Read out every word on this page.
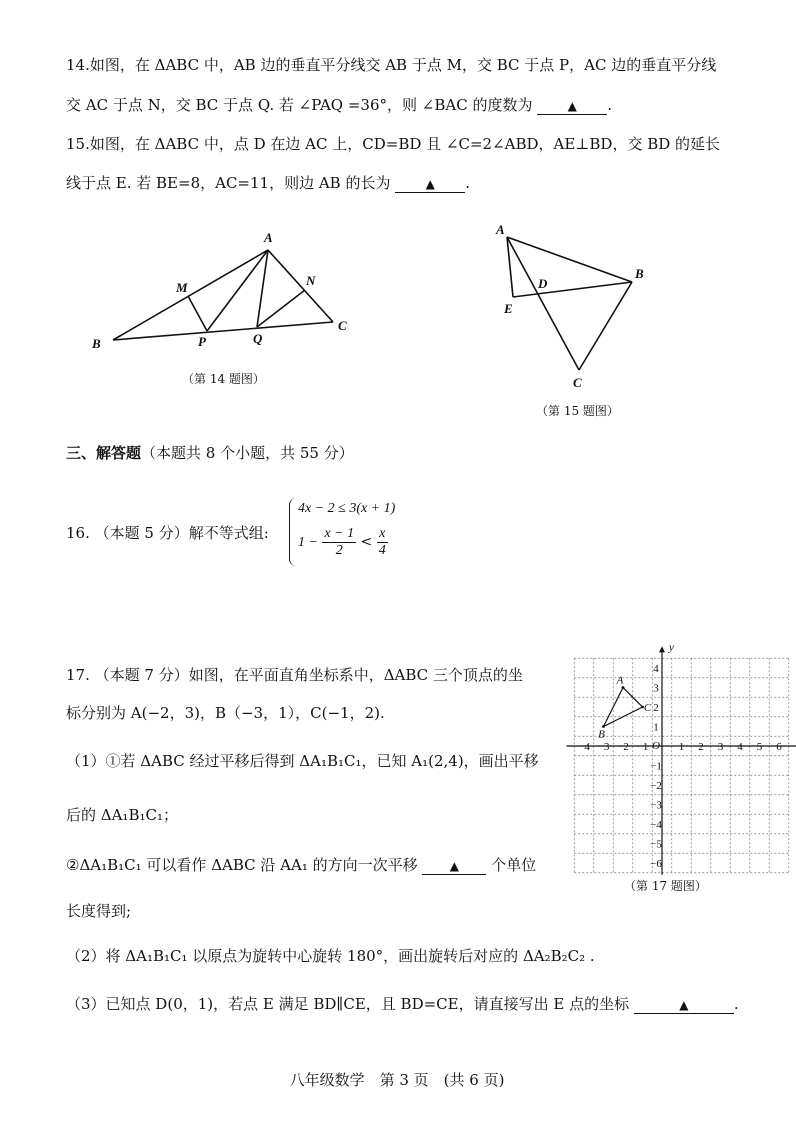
14.如图，在 ΔABC 中，AB 边的垂直平分线交 AB 于点 M，交 BC 于点 P，AC 边的垂直平分线
交 AC 于点 N，交 BC 于点 Q. 若 ∠PAQ =36°，则 ∠BAC 的度数为	▲ .
15.如图，在 ΔABC 中，点 D 在边 AC 上，CD=BD 且 ∠C=2∠ABD，AE⊥BD，交 BD 的延长
线于点 E. 若 BE=8，AC=11，则边 AB 的长为	▲ .
A
M	N
B	P	Q
C
（第 14 题图）
A
D
B
E
C
（第 15 题图）
三、解答题（本题共 8 个小题，共 55 分）
16. （本题 5 分）解不等式组:
4x − 2 ≤ 3(x + 1)
$1 - \frac{x - 1}{2} < \frac{x}{4}$
17. （本题 7 分）如图，在平面直角坐标系中，ΔABC 三个顶点的坐
标分别为 A(−2，3)，B（−3，1），C(−1，2).
（1）①若 ΔABC 经过平移后得到 ΔA₁B₁C₁，已知 A₁(2,4)，画出平移
后的 ΔA₁B₁C₁；
②ΔA₁B₁C₁ 可以看作 ΔABC 沿 AA₁ 的方向一次平移	▲ 个单位
长度得到;
（2）将 ΔA₁B₁C₁ 以原点为旋转中心旋转 180°，画出旋转后对应的 ΔA₂B₂C₂ .
（3）已知点 D(0，1)，若点 E 满足 BD∥CE，且 BD=CE，请直接写出 E 点的坐标	▲	.
y
O
−4 −3 −2 −1	1 2 3 4 5 6
4
3
2
1
−1
−2
−3
−4
−5
−6
A
B
C
（第 17 题图）
八年级数学　第 3 页　(共 6 页)
